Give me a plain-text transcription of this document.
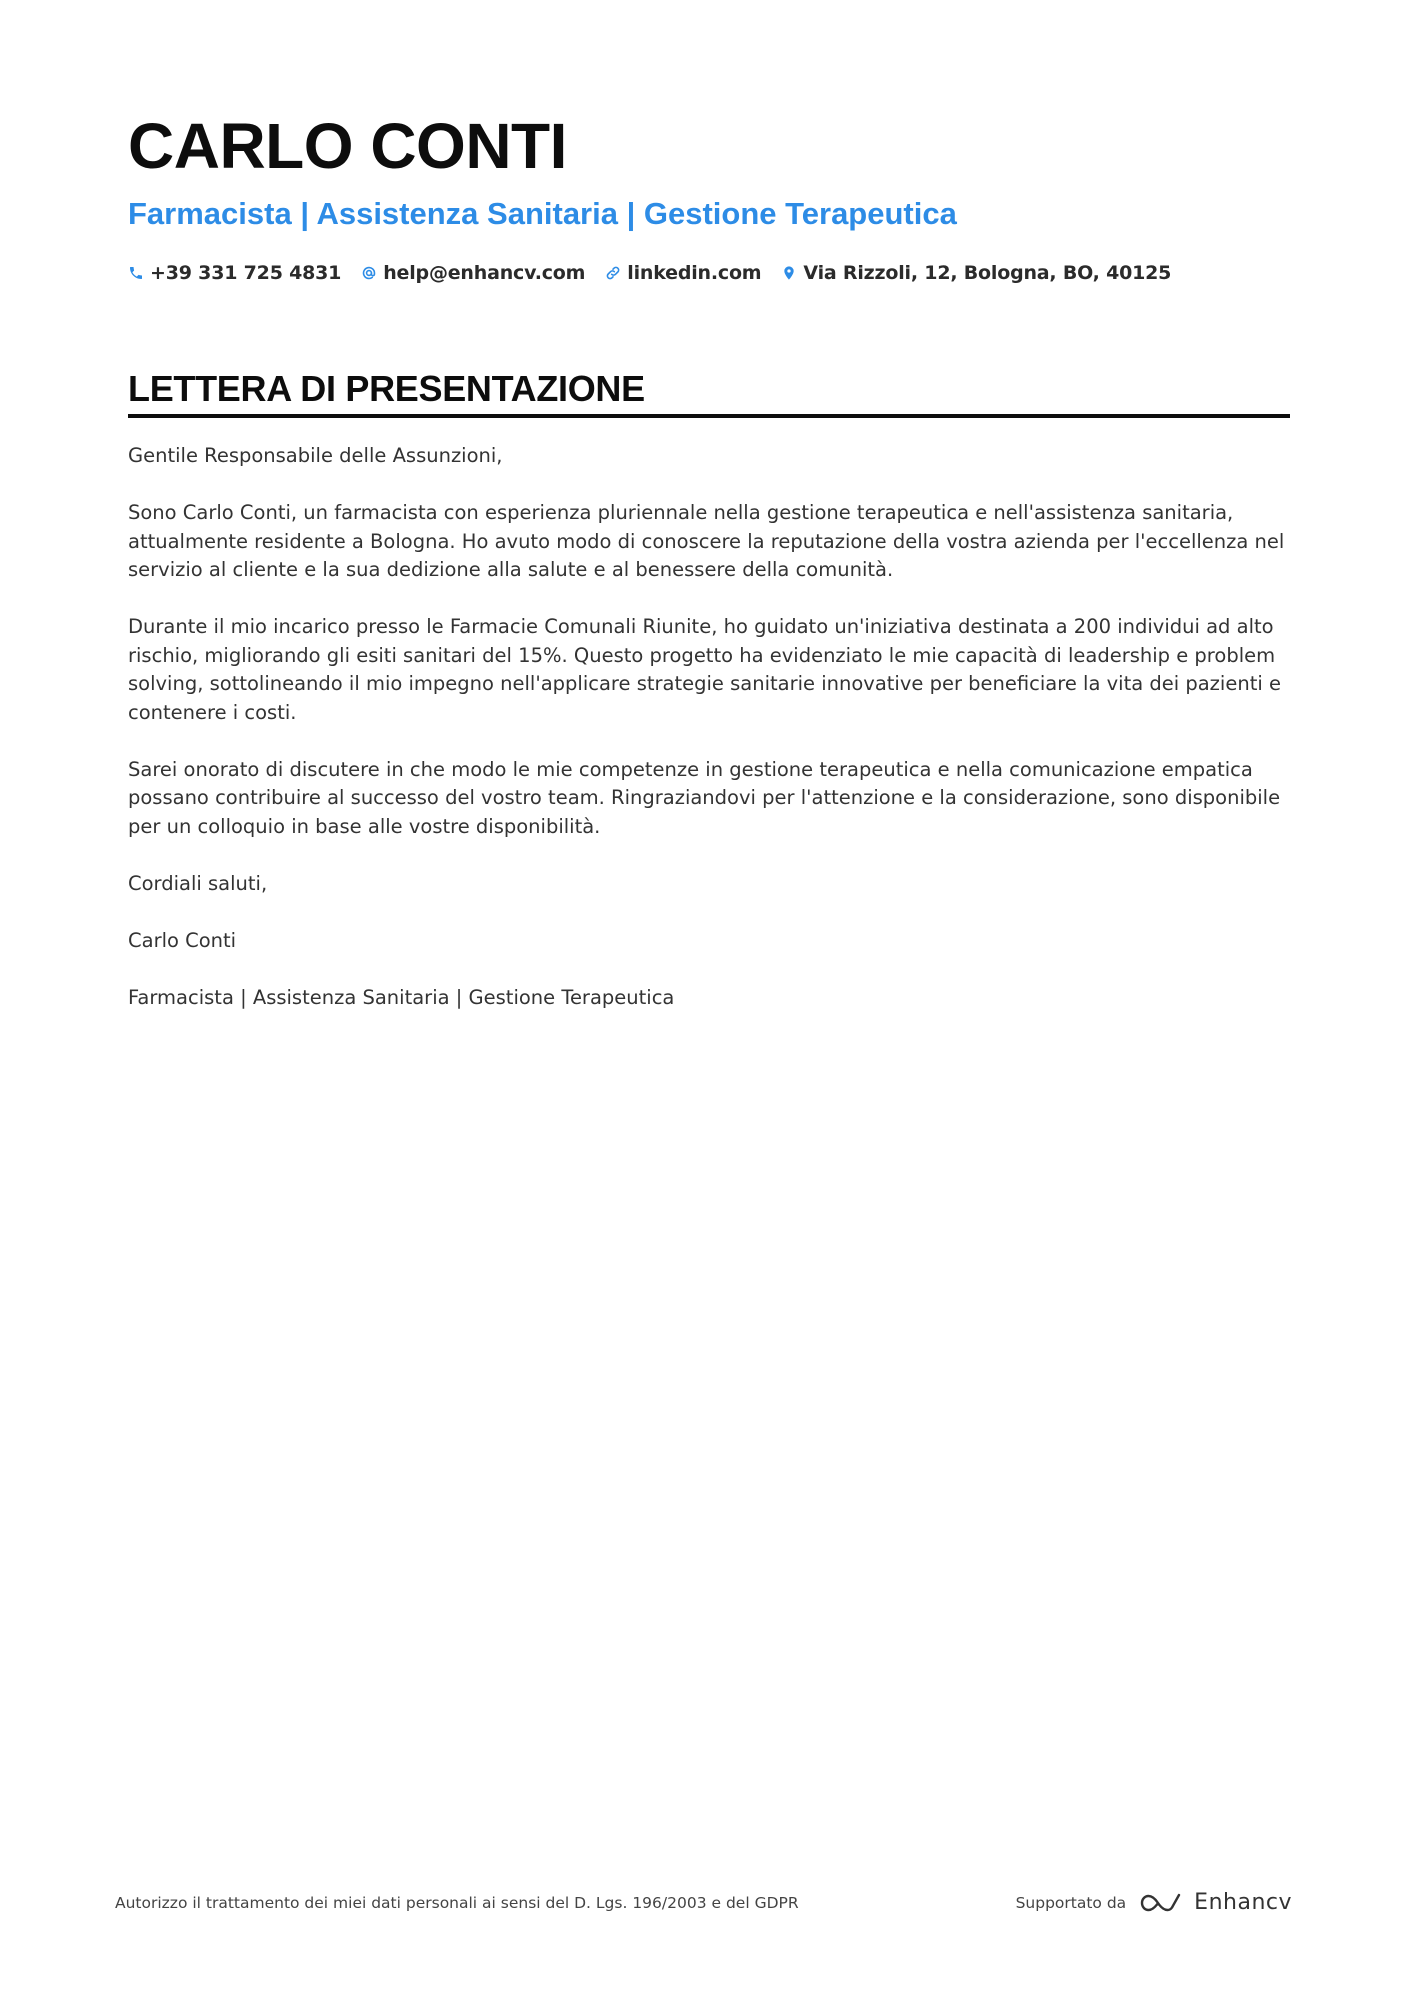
CARLO CONTI
Farmacista | Assistenza Sanitaria | Gestione Terapeutica
+39 331 725 4831 help@enhancv.com linkedin.com Via Rizzoli, 12, Bologna, BO, 40125
LETTERA DI PRESENTAZIONE

Gentile Responsabile delle Assunzioni,

Sono Carlo Conti, un farmacista con esperienza pluriennale nella gestione terapeutica e nell'assistenza sanitaria, attualmente residente a Bologna. Ho avuto modo di conoscere la reputazione della vostra azienda per l'eccellenza nel servizio al cliente e la sua dedizione alla salute e al benessere della comunità.

Durante il mio incarico presso le Farmacie Comunali Riunite, ho guidato un'iniziativa destinata a 200 individui ad alto rischio, migliorando gli esiti sanitari del 15%. Questo progetto ha evidenziato le mie capacità di leadership e problem solving, sottolineando il mio impegno nell'applicare strategie sanitarie innovative per beneficiare la vita dei pazienti e contenere i costi.

Sarei onorato di discutere in che modo le mie competenze in gestione terapeutica e nella comunicazione empatica possano contribuire al successo del vostro team. Ringraziandovi per l'attenzione e la considerazione, sono disponibile per un colloquio in base alle vostre disponibilità.

Cordiali saluti,

Carlo Conti

Farmacista | Assistenza Sanitaria | Gestione Terapeutica

Autorizzo il trattamento dei miei dati personali ai sensi del D. Lgs. 196/2003 e del GDPR	Supportato da	Enhancv
